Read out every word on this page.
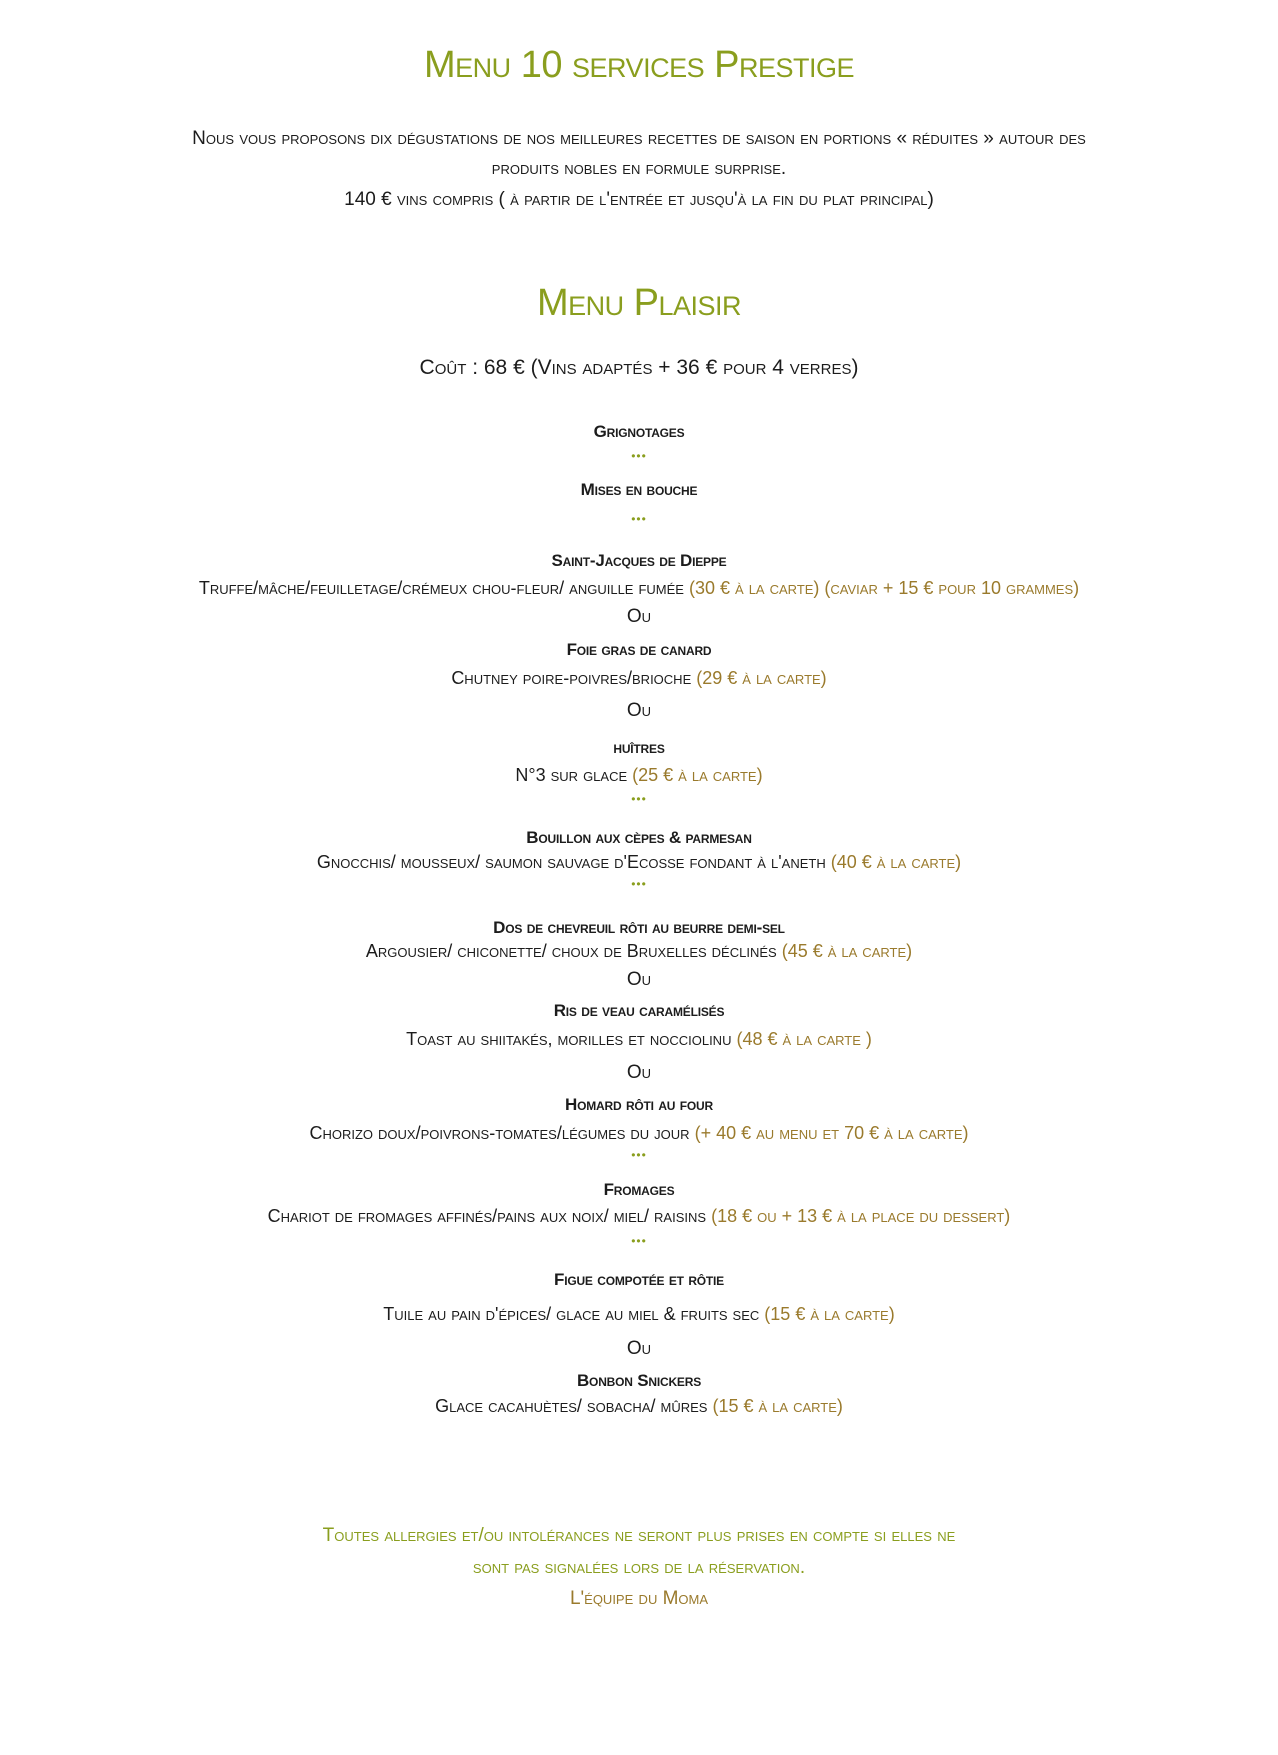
Menu 10 services Prestige
Nous vous proposons dix dégustations de nos meilleures recettes de saison en portions « réduites » autour des
produits nobles en formule surprise.
140 € vins compris ( à partir de l'entrée et jusqu'à la fin du plat principal)
Menu Plaisir
Coût : 68 € (Vins adaptés + 36 € pour 4 verres)
Grignotages
•••
Mises en bouche
•••
Saint-Jacques de Dieppe
Truffe/mâche/feuilletage/crémeux chou-fleur/ anguille fumée (30 € à la carte) (caviar + 15 € pour 10 grammes)
Ou
Foie gras de canard
Chutney poire-poivres/brioche (29 € à la carte)
Ou
huîtres
N°3 sur glace (25 € à la carte)
•••
Bouillon aux cèpes & parmesan
Gnocchis/ mousseux/ saumon sauvage d'Ecosse fondant à l'aneth (40 € à la carte)
•••
Dos de chevreuil rôti au beurre demi-sel
Argousier/ chiconette/ choux de Bruxelles déclinés (45 € à la carte)
Ou
Ris de veau caramélisés
Toast au shiitakés, morilles et nocciolinu (48 € à la carte )
Ou
Homard rôti au four
Chorizo doux/poivrons-tomates/légumes du jour (+ 40 € au menu et 70 € à la carte)
•••
Fromages
Chariot de fromages affinés/pains aux noix/ miel/ raisins (18 € ou + 13 € à la place du dessert)
•••
Figue compotée et rôtie
Tuile au pain d'épices/ glace au miel & fruits sec (15 € à la carte)
Ou
Bonbon Snickers
Glace cacahuètes/ sobacha/ mûres (15 € à la carte)
Toutes allergies et/ou intolérances ne seront plus prises en compte si elles ne
sont pas signalées lors de la réservation.
L'équipe du Moma
